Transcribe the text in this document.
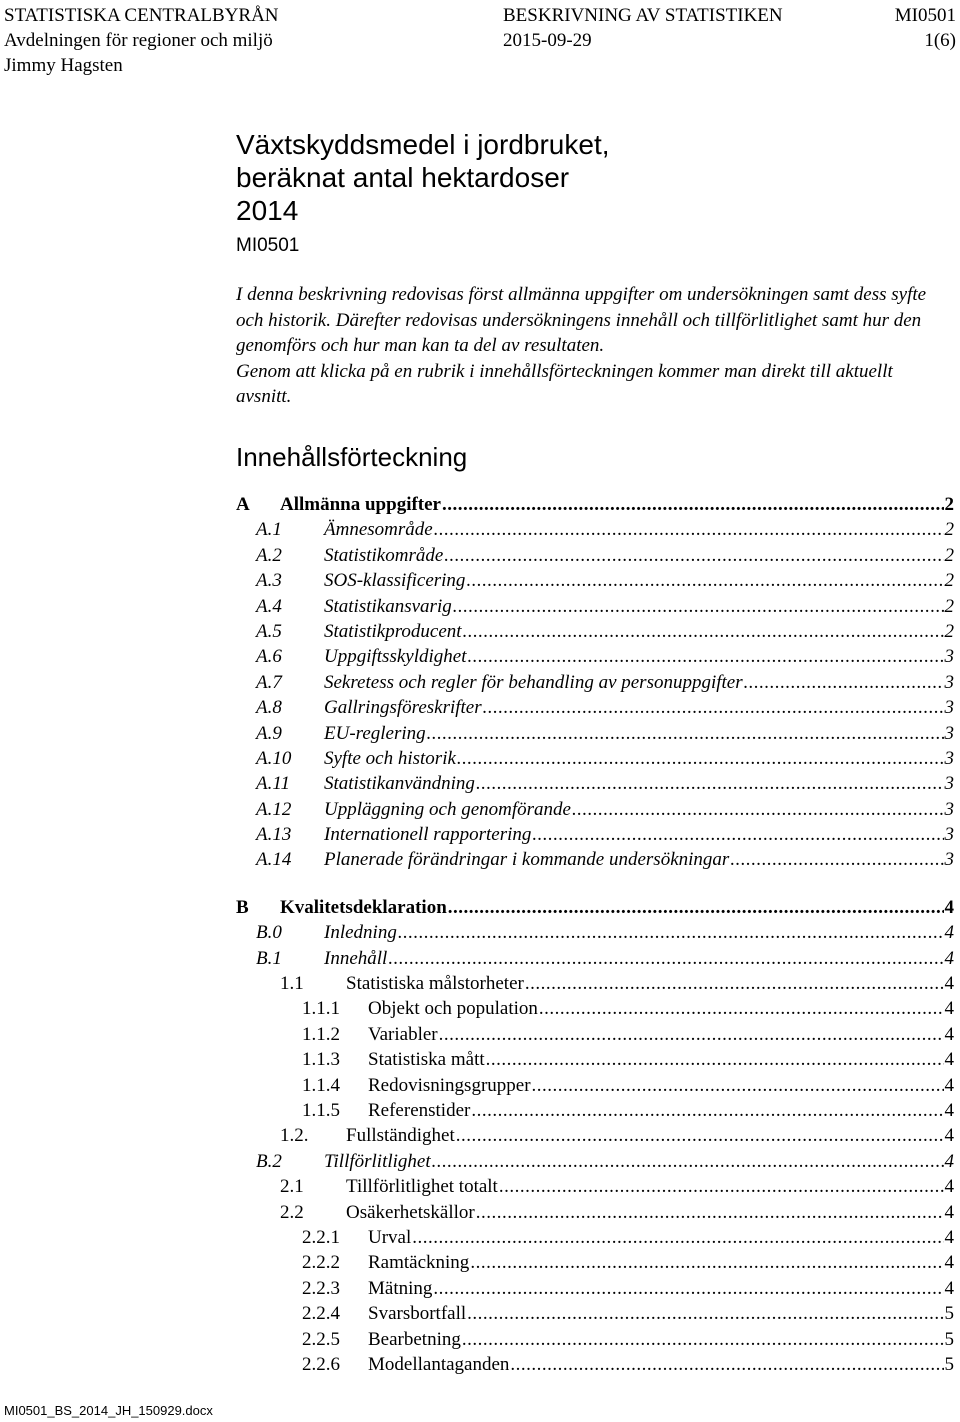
STATISTISKA CENTRALBYRÅN
Avdelningen för regioner och miljö
Jimmy Hagsten
BESKRIVNING AV STATISTIKEN
2015-09-29
MI0501
1(6)
Växtskyddsmedel i jordbruket,
beräknat antal hektardoser
2014
MI0501

I denna beskrivning redovisas först allmänna uppgifter om undersökningen samt dess syfte och historik. Därefter redovisas undersökningens innehåll och tillförlitlighet samt hur den genomförs och hur man kan ta del av resultaten.

Genom att klicka på en rubrik i innehållsförteckningen kommer man direkt till aktuellt avsnitt.

Innehållsförteckning
A Allmänna uppgifter .....	2
A.1 Ämnesområde .....	2
A.2 Statistikområde .....	2
A.3 SOS-klassificering .....	2
A.4 Statistikansvarig .....	2
A.5 Statistikproducent .....	2
A.6 Uppgiftsskyldighet .....	3
A.7 Sekretess och regler för behandling av personuppgifter .....	3
A.8 Gallringsföreskrifter .....	3
A.9 EU-reglering .....	3
A.10 Syfte och historik .....	3
A.11 Statistikanvändning .....	3
A.12 Uppläggning och genomförande .....	3
A.13 Internationell rapportering .....	3
A.14 Planerade förändringar i kommande undersökningar .....	3
B Kvalitetsdeklaration .....	4
B.0 Inledning .....	4
B.1 Innehåll .....	4
1.1 Statistiska målstorheter .....	4
1.1.1 Objekt och population .....	4
1.1.2 Variabler .....	4
1.1.3 Statistiska mått .....	4
1.1.4 Redovisningsgrupper .....	4
1.1.5 Referenstider .....	4
1.2. Fullständighet .....	4
B.2 Tillförlitlighet .....	4
2.1 Tillförlitlighet totalt .....	4
2.2 Osäkerhetskällor .....	4
2.2.1 Urval .....	4
2.2.2 Ramtäckning .....	4
2.2.3 Mätning .....	4
2.2.4 Svarsbortfall .....	5
2.2.5 Bearbetning .....	5
2.2.6 Modellantaganden .....	5
MI0501_BS_2014_JH_150929.docx
